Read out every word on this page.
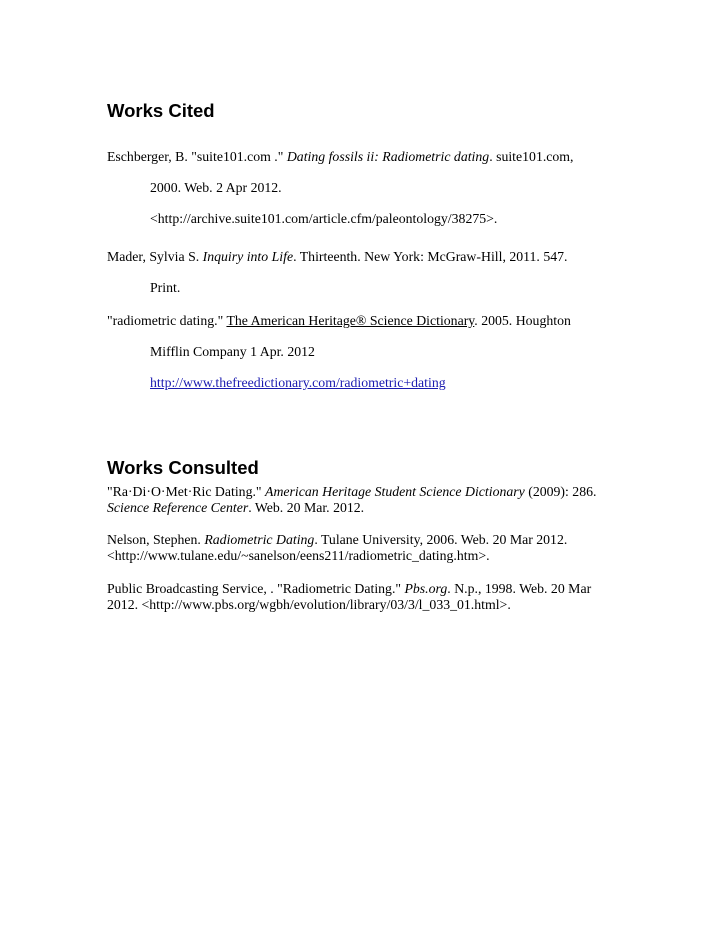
Works Cited
Eschberger, B. "suite101.com ." Dating fossils ii: Radiometric dating. suite101.com,
2000. Web. 2 Apr 2012.
<http://archive.suite101.com/article.cfm/paleontology/38275>.
Mader, Sylvia S. Inquiry into Life. Thirteenth. New York: McGraw-Hill, 2011. 547.
Print.
"radiometric dating." The American Heritage® Science Dictionary. 2005. Houghton
Mifflin Company 1 Apr. 2012
http://www.thefreedictionary.com/radiometric+dating
Works Consulted
"Ra·Di·O·Met·Ric Dating." American Heritage Student Science Dictionary (2009): 286.
Science Reference Center. Web. 20 Mar. 2012.
Nelson, Stephen. Radiometric Dating. Tulane University, 2006. Web. 20 Mar 2012.
<http://www.tulane.edu/~sanelson/eens211/radiometric_dating.htm>.
Public Broadcasting Service, . "Radiometric Dating." Pbs.org. N.p., 1998. Web. 20 Mar
2012. <http://www.pbs.org/wgbh/evolution/library/03/3/l_033_01.html>.
